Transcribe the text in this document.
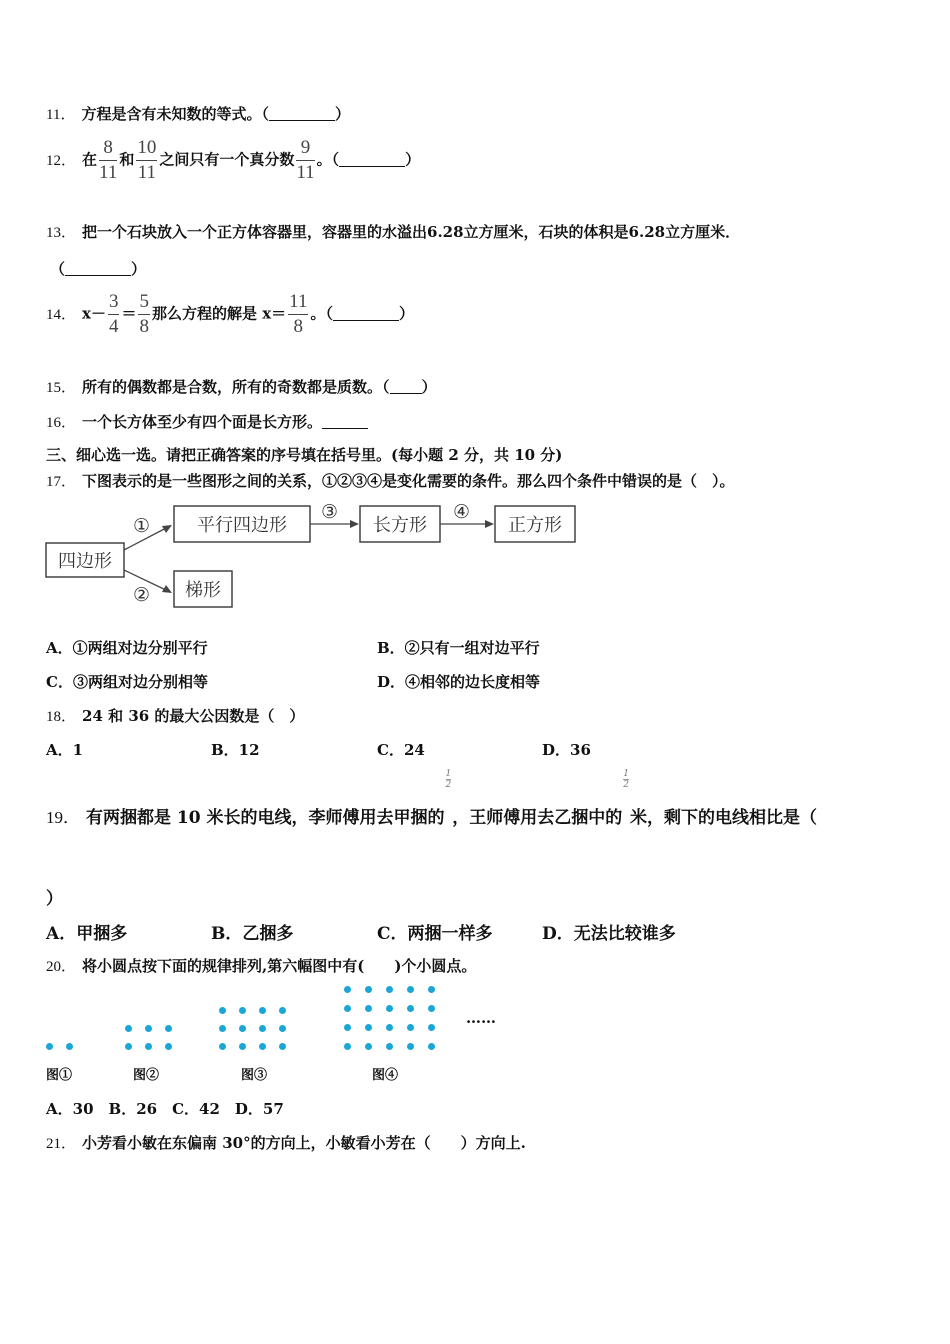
11． 方程是含有未知数的等式。（	）
12． 在 $\frac{8}{11}$ 和 $\frac{10}{11}$ 之间只有一个真分数 $\frac{9}{11}$ 。（	）
13． 把一个石块放入一个正方体容器里，容器里的水溢出6.28立方厘米，石块的体积是6.28立方厘米．
（	）
14． $x- \frac{3}{4} = \frac{5}{8}$ 那么方程的解是 $x= \frac{11}{8}$ 。（	）
15． 所有的偶数都是合数，所有的奇数都是质数。（ ）
16． 一个长方体至少有四个面是长方形。
三、细心选一选。请把正确答案的序号填在括号里。(每小题 2 分，共 10 分)
17． 下图表示的是一些图形之间的关系，①②③④是变化需要的条件。那么四个条件中错误的是（　）。
四边形
平行四边形	长方形	正方形
梯形
①
②
③	④
A．①两组对边分别平行	B．②只有一组对边平行
C．③两组对边分别相等	D．④相邻的边长度相等
18． 24 和 36 的最大公因数是（　）
A．1	B．12	C．24	D．36
19． 有两捆都是 10 米长的电线，李师傅用去甲捆的
$\frac{1}{2}$，王师傅用去乙捆中的
$\frac{1}{2}$米，剩下的电线相比是（
）
A．甲捆多	B．乙捆多	C．两捆一样多	D．无法比较谁多
20． 将小圆点按下面的规律排列,第六幅图中有(　　)个小圆点。
……
图①	图②	图③	图④
A．30　B．26　C．42　D．57
21． 小芳看小敏在东偏南 30°的方向上，小敏看小芳在（　　）方向上.
